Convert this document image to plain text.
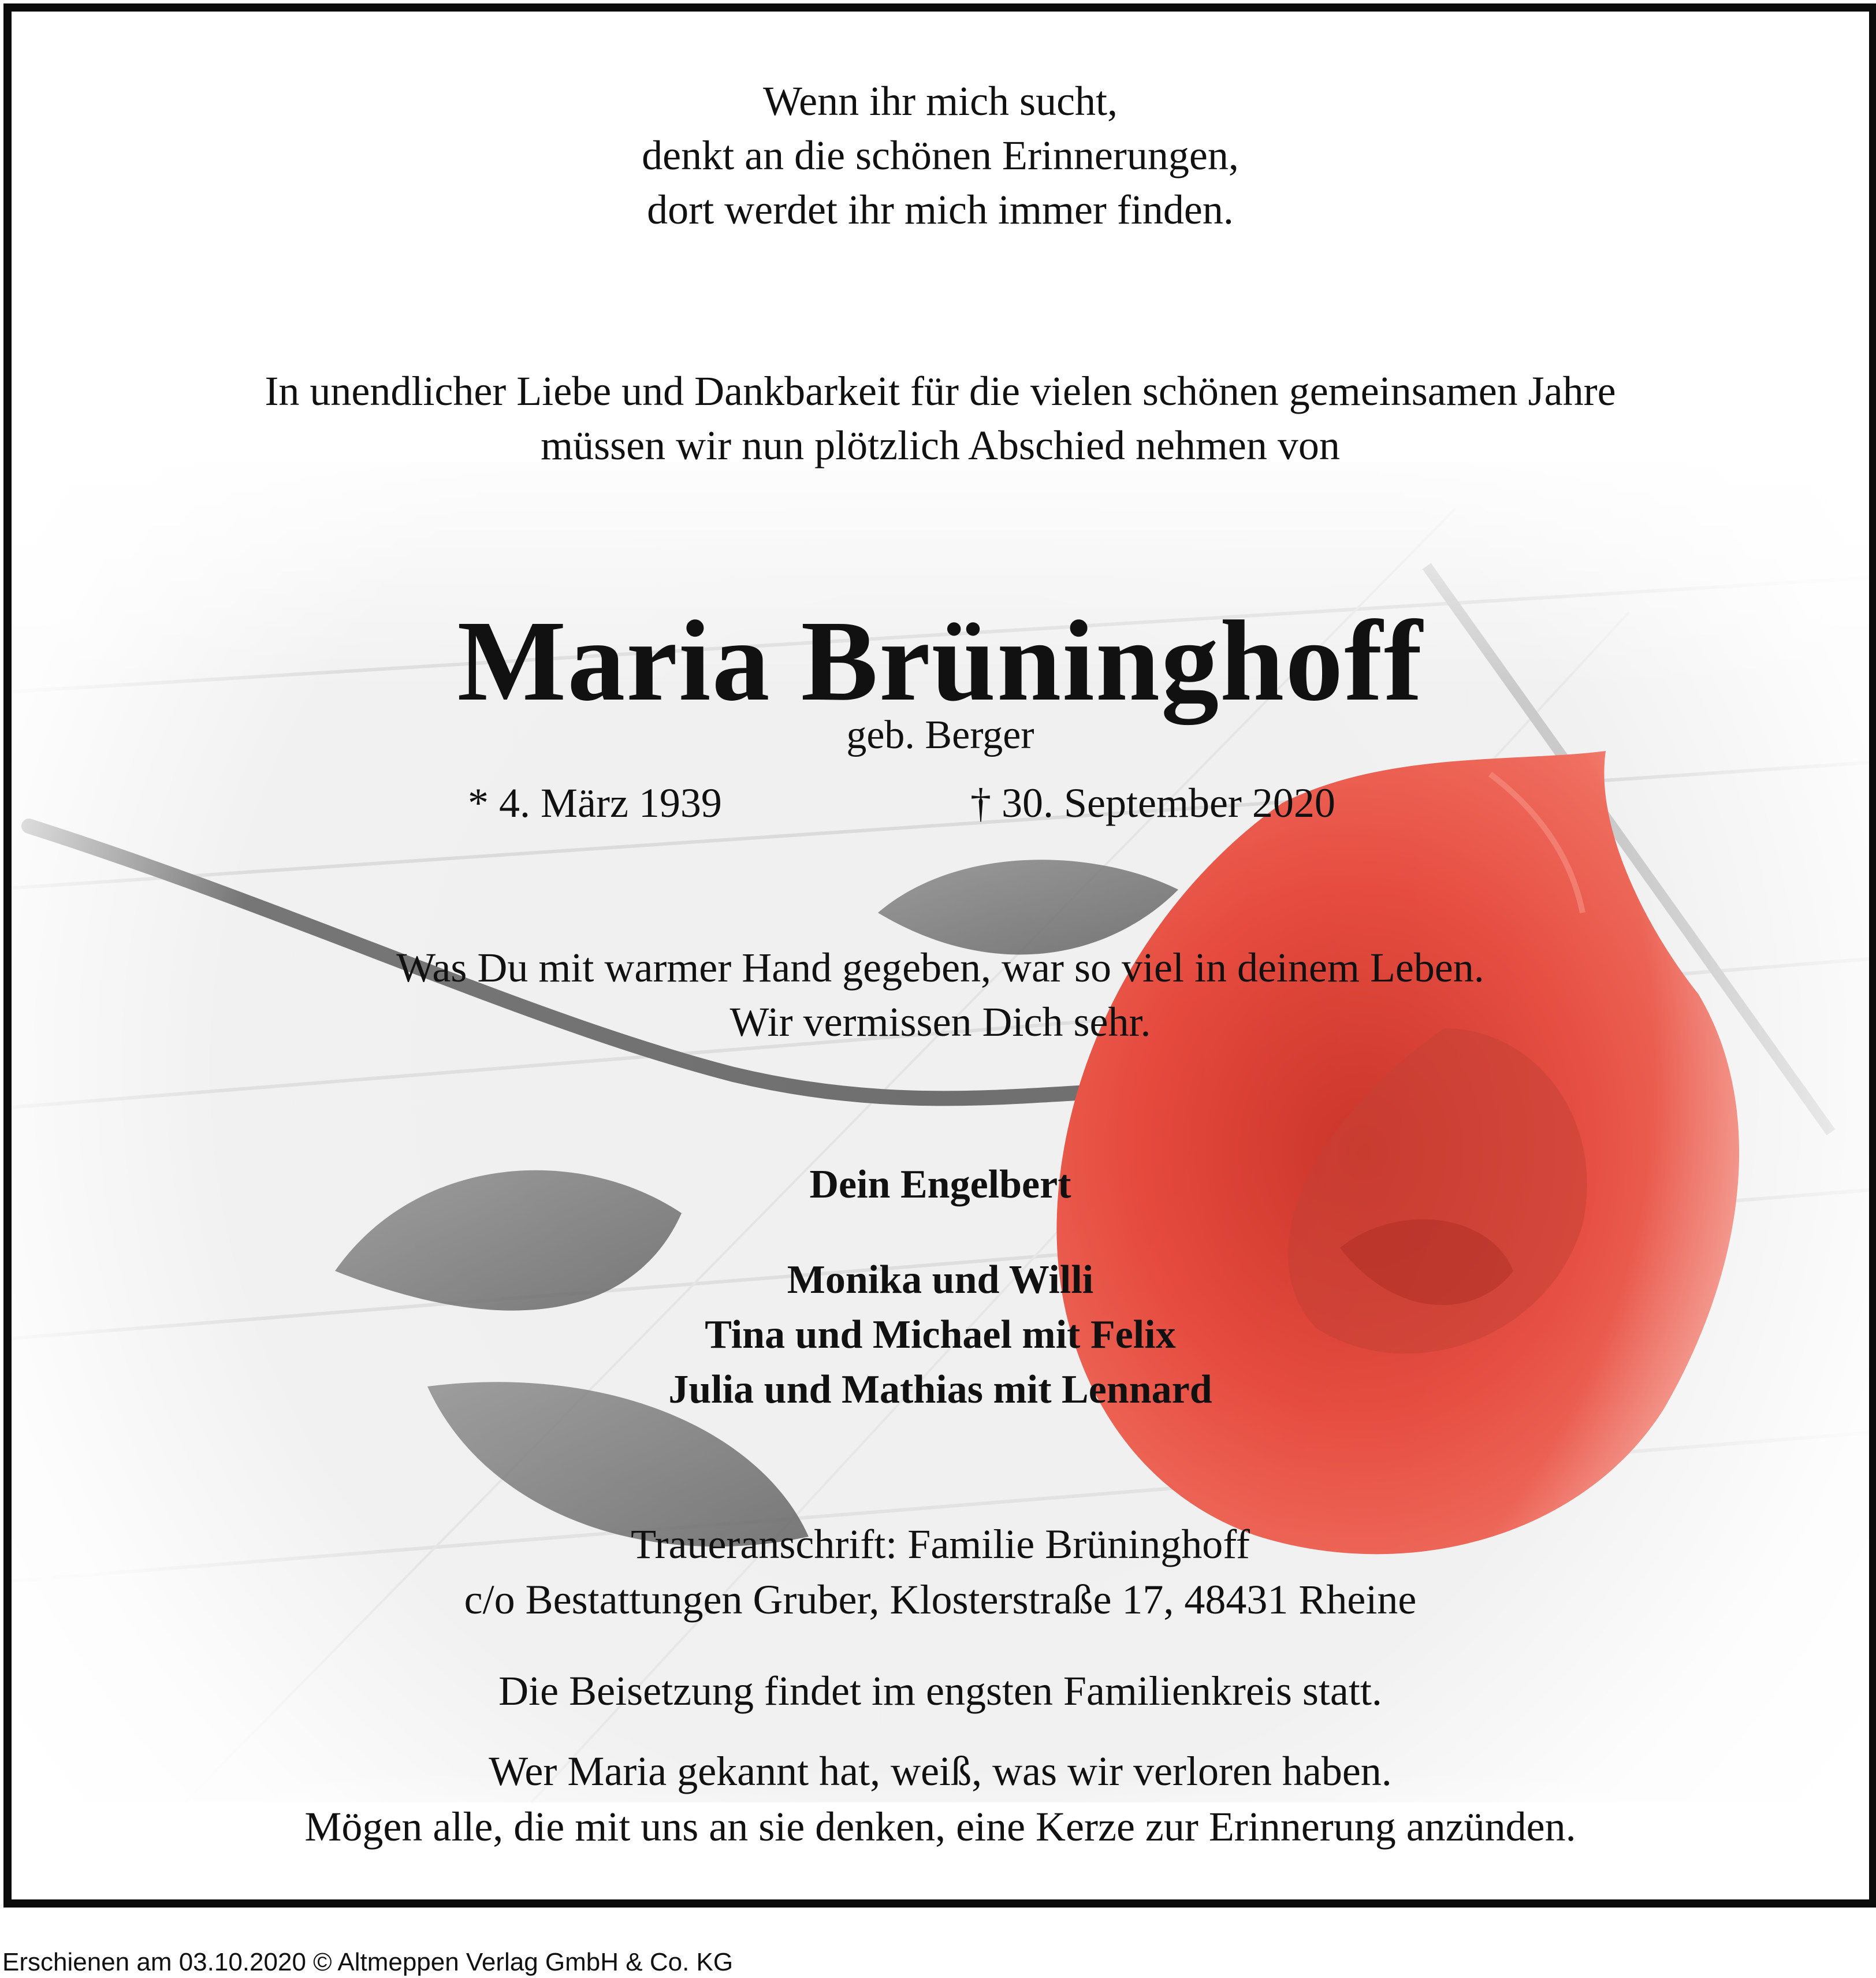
Wenn ihr mich sucht,
denkt an die schönen Erinnerungen,
dort werdet ihr mich immer finden.

In unendlicher Liebe und Dankbarkeit für die vielen schönen gemeinsamen Jahre
müssen wir nun plötzlich Abschied nehmen von

Maria Brüninghoff

geb. Berger

* 4. März 1939	† 30. September 2020

Was Du mit warmer Hand gegeben, war so viel in deinem Leben.
Wir vermissen Dich sehr.

Dein Engelbert

Monika und Willi
Tina und Michael mit Felix
Julia und Mathias mit Lennard

Traueranschrift: Familie Brüninghoff
c/o Bestattungen Gruber, Klosterstraße 17, 48431 Rheine

Die Beisetzung findet im engsten Familienkreis statt.

Wer Maria gekannt hat, weiß, was wir verloren haben.
Mögen alle, die mit uns an sie denken, eine Kerze zur Erinnerung anzünden.

Erschienen am 03.10.2020 © Altmeppen Verlag GmbH & Co. KG
